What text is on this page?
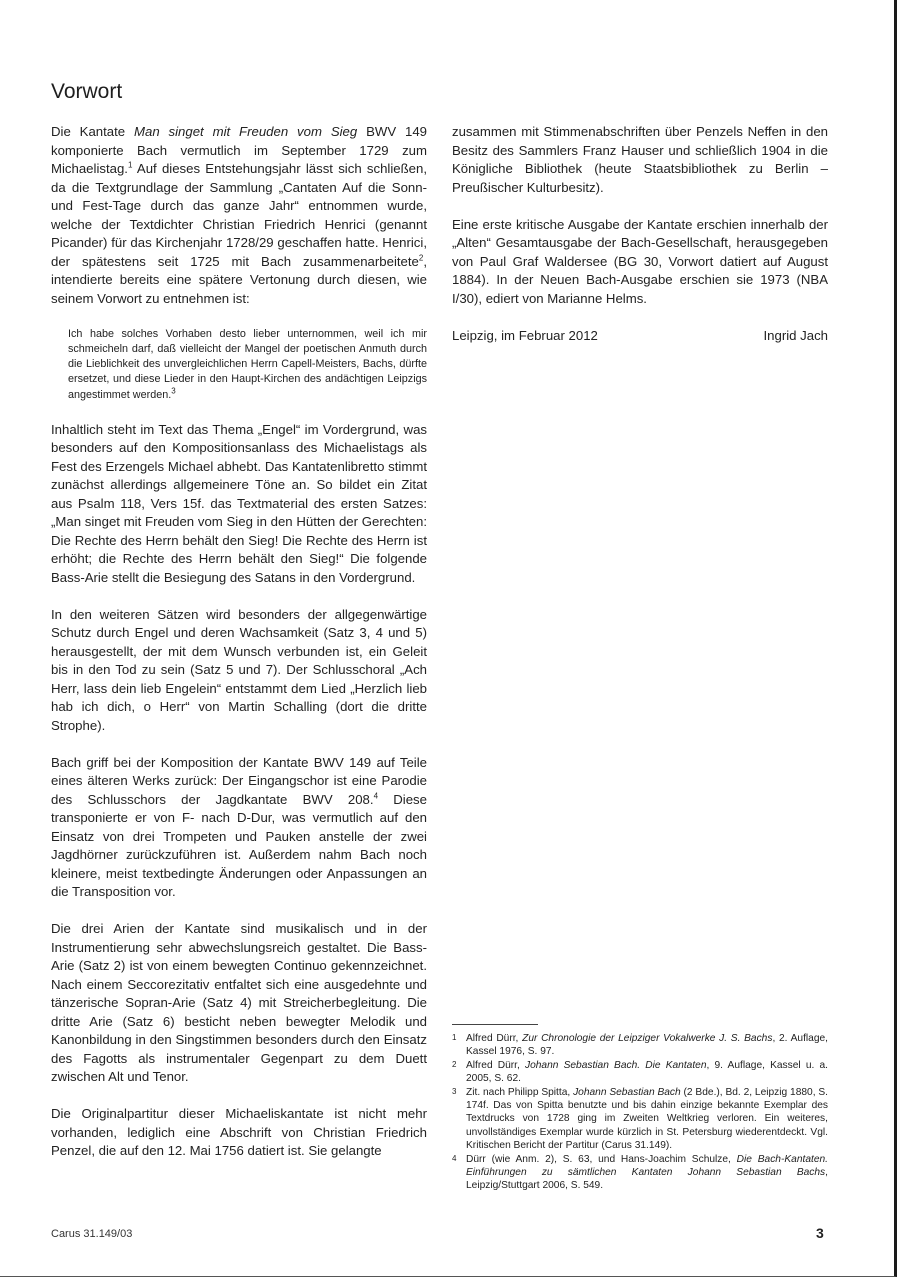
Vorwort

Die Kantate Man singet mit Freuden vom Sieg BWV 149 komponierte Bach vermutlich im September 1729 zum Michaelistag.$^1$ Auf dieses Entstehungsjahr lässt sich schließen, da die Textgrundlage der Sammlung „Cantaten Auf die Sonn- und Fest-Tage durch das ganze Jahr“ entnommen wurde, welche der Textdichter Christian Friedrich Henrici (genannt Picander) für das Kirchenjahr 1728/29 geschaffen hatte. Henrici, der spätestens seit 1725 mit Bach zusammenarbeitete$^2$, intendierte bereits eine spätere Vertonung durch diesen, wie seinem Vorwort zu entnehmen ist:

Ich habe solches Vorhaben desto lieber unternommen, weil ich mir schmeicheln darf, daß vielleicht der Mangel der poetischen Anmuth durch die Lieblichkeit des unvergleichlichen Herrn Capell-Meisters, Bachs, dürfte ersetzet, und diese Lieder in den Haupt-Kirchen des andächtigen Leipzigs angestimmet werden.$^3$

Inhaltlich steht im Text das Thema „Engel“ im Vordergrund, was besonders auf den Kompositionsanlass des Michaelistags als Fest des Erzengels Michael abhebt. Das Kantatenlibretto stimmt zunächst allerdings allgemeinere Töne an. So bildet ein Zitat aus Psalm 118, Vers 15f. das Textmaterial des ersten Satzes: „Man singet mit Freuden vom Sieg in den Hütten der Gerechten: Die Rechte des Herrn behält den Sieg! Die Rechte des Herrn ist erhöht; die Rechte des Herrn behält den Sieg!“ Die folgende Bass-Arie stellt die Besiegung des Satans in den Vordergrund.

In den weiteren Sätzen wird besonders der allgegenwärtige Schutz durch Engel und deren Wachsamkeit (Satz 3, 4 und 5) herausgestellt, der mit dem Wunsch verbunden ist, ein Geleit bis in den Tod zu sein (Satz 5 und 7). Der Schlusschoral „Ach Herr, lass dein lieb Engelein“ entstammt dem Lied „Herzlich lieb hab ich dich, o Herr“ von Martin Schalling (dort die dritte Strophe).

Bach griff bei der Komposition der Kantate BWV 149 auf Teile eines älteren Werks zurück: Der Eingangschor ist eine Parodie des Schlusschors der Jagdkantate BWV 208.$^4$ Diese transponierte er von F- nach D-Dur, was vermutlich auf den Einsatz von drei Trompeten und Pauken anstelle der zwei Jagdhörner zurückzuführen ist. Außerdem nahm Bach noch kleinere, meist textbedingte Änderungen oder Anpassungen an die Transposition vor.

Die drei Arien der Kantate sind musikalisch und in der Instrumentierung sehr abwechslungsreich gestaltet. Die Bass-Arie (Satz 2) ist von einem bewegten Continuo gekennzeichnet. Nach einem Seccorezitativ entfaltet sich eine ausgedehnte und tänzerische Sopran-Arie (Satz 4) mit Streicherbegleitung. Die dritte Arie (Satz 6) besticht neben bewegter Melodik und Kanonbildung in den Singstimmen besonders durch den Einsatz des Fagotts als instrumentaler Gegenpart zu dem Duett zwischen Alt und Tenor.

Die Originalpartitur dieser Michaeliskantate ist nicht mehr vorhanden, lediglich eine Abschrift von Christian Friedrich Penzel, die auf den 12. Mai 1756 datiert ist. Sie gelangte

zusammen mit Stimmenabschriften über Penzels Neffen in den Besitz des Sammlers Franz Hauser und schließlich 1904 in die Königliche Bibliothek (heute Staatsbibliothek zu Berlin – Preußischer Kulturbesitz).

Eine erste kritische Ausgabe der Kantate erschien innerhalb der „Alten“ Gesamtausgabe der Bach-Gesellschaft, herausgegeben von Paul Graf Waldersee (BG 30, Vorwort datiert auf August 1884). In der Neuen Bach-Ausgabe erschien sie 1973 (NBA I/30), ediert von Marianne Helms.

Leipzig, im Februar 2012	Ingrid Jach
1 Alfred Dürr, Zur Chronologie der Leipziger Vokalwerke J. S. Bachs, 2. Auflage, Kassel 1976, S. 97.
2 Alfred Dürr, Johann Sebastian Bach. Die Kantaten, 9. Auflage, Kassel u. a. 2005, S. 62.
3 Zit. nach Philipp Spitta, Johann Sebastian Bach (2 Bde.), Bd. 2, Leipzig 1880, S. 174f. Das von Spitta benutzte und bis dahin einzige bekannte Exemplar des Textdrucks von 1728 ging im Zweiten Weltkrieg verloren. Ein weiteres, unvollständiges Exemplar wurde kürzlich in St. Petersburg wiederentdeckt. Vgl. Kritischen Bericht der Partitur (Carus 31.149).
4 Dürr (wie Anm. 2), S. 63, und Hans-Joachim Schulze, Die Bach-Kantaten. Einführungen zu sämtlichen Kantaten Johann Sebastian Bachs, Leipzig/Stuttgart 2006, S. 549.
Carus 31.149/03	3
